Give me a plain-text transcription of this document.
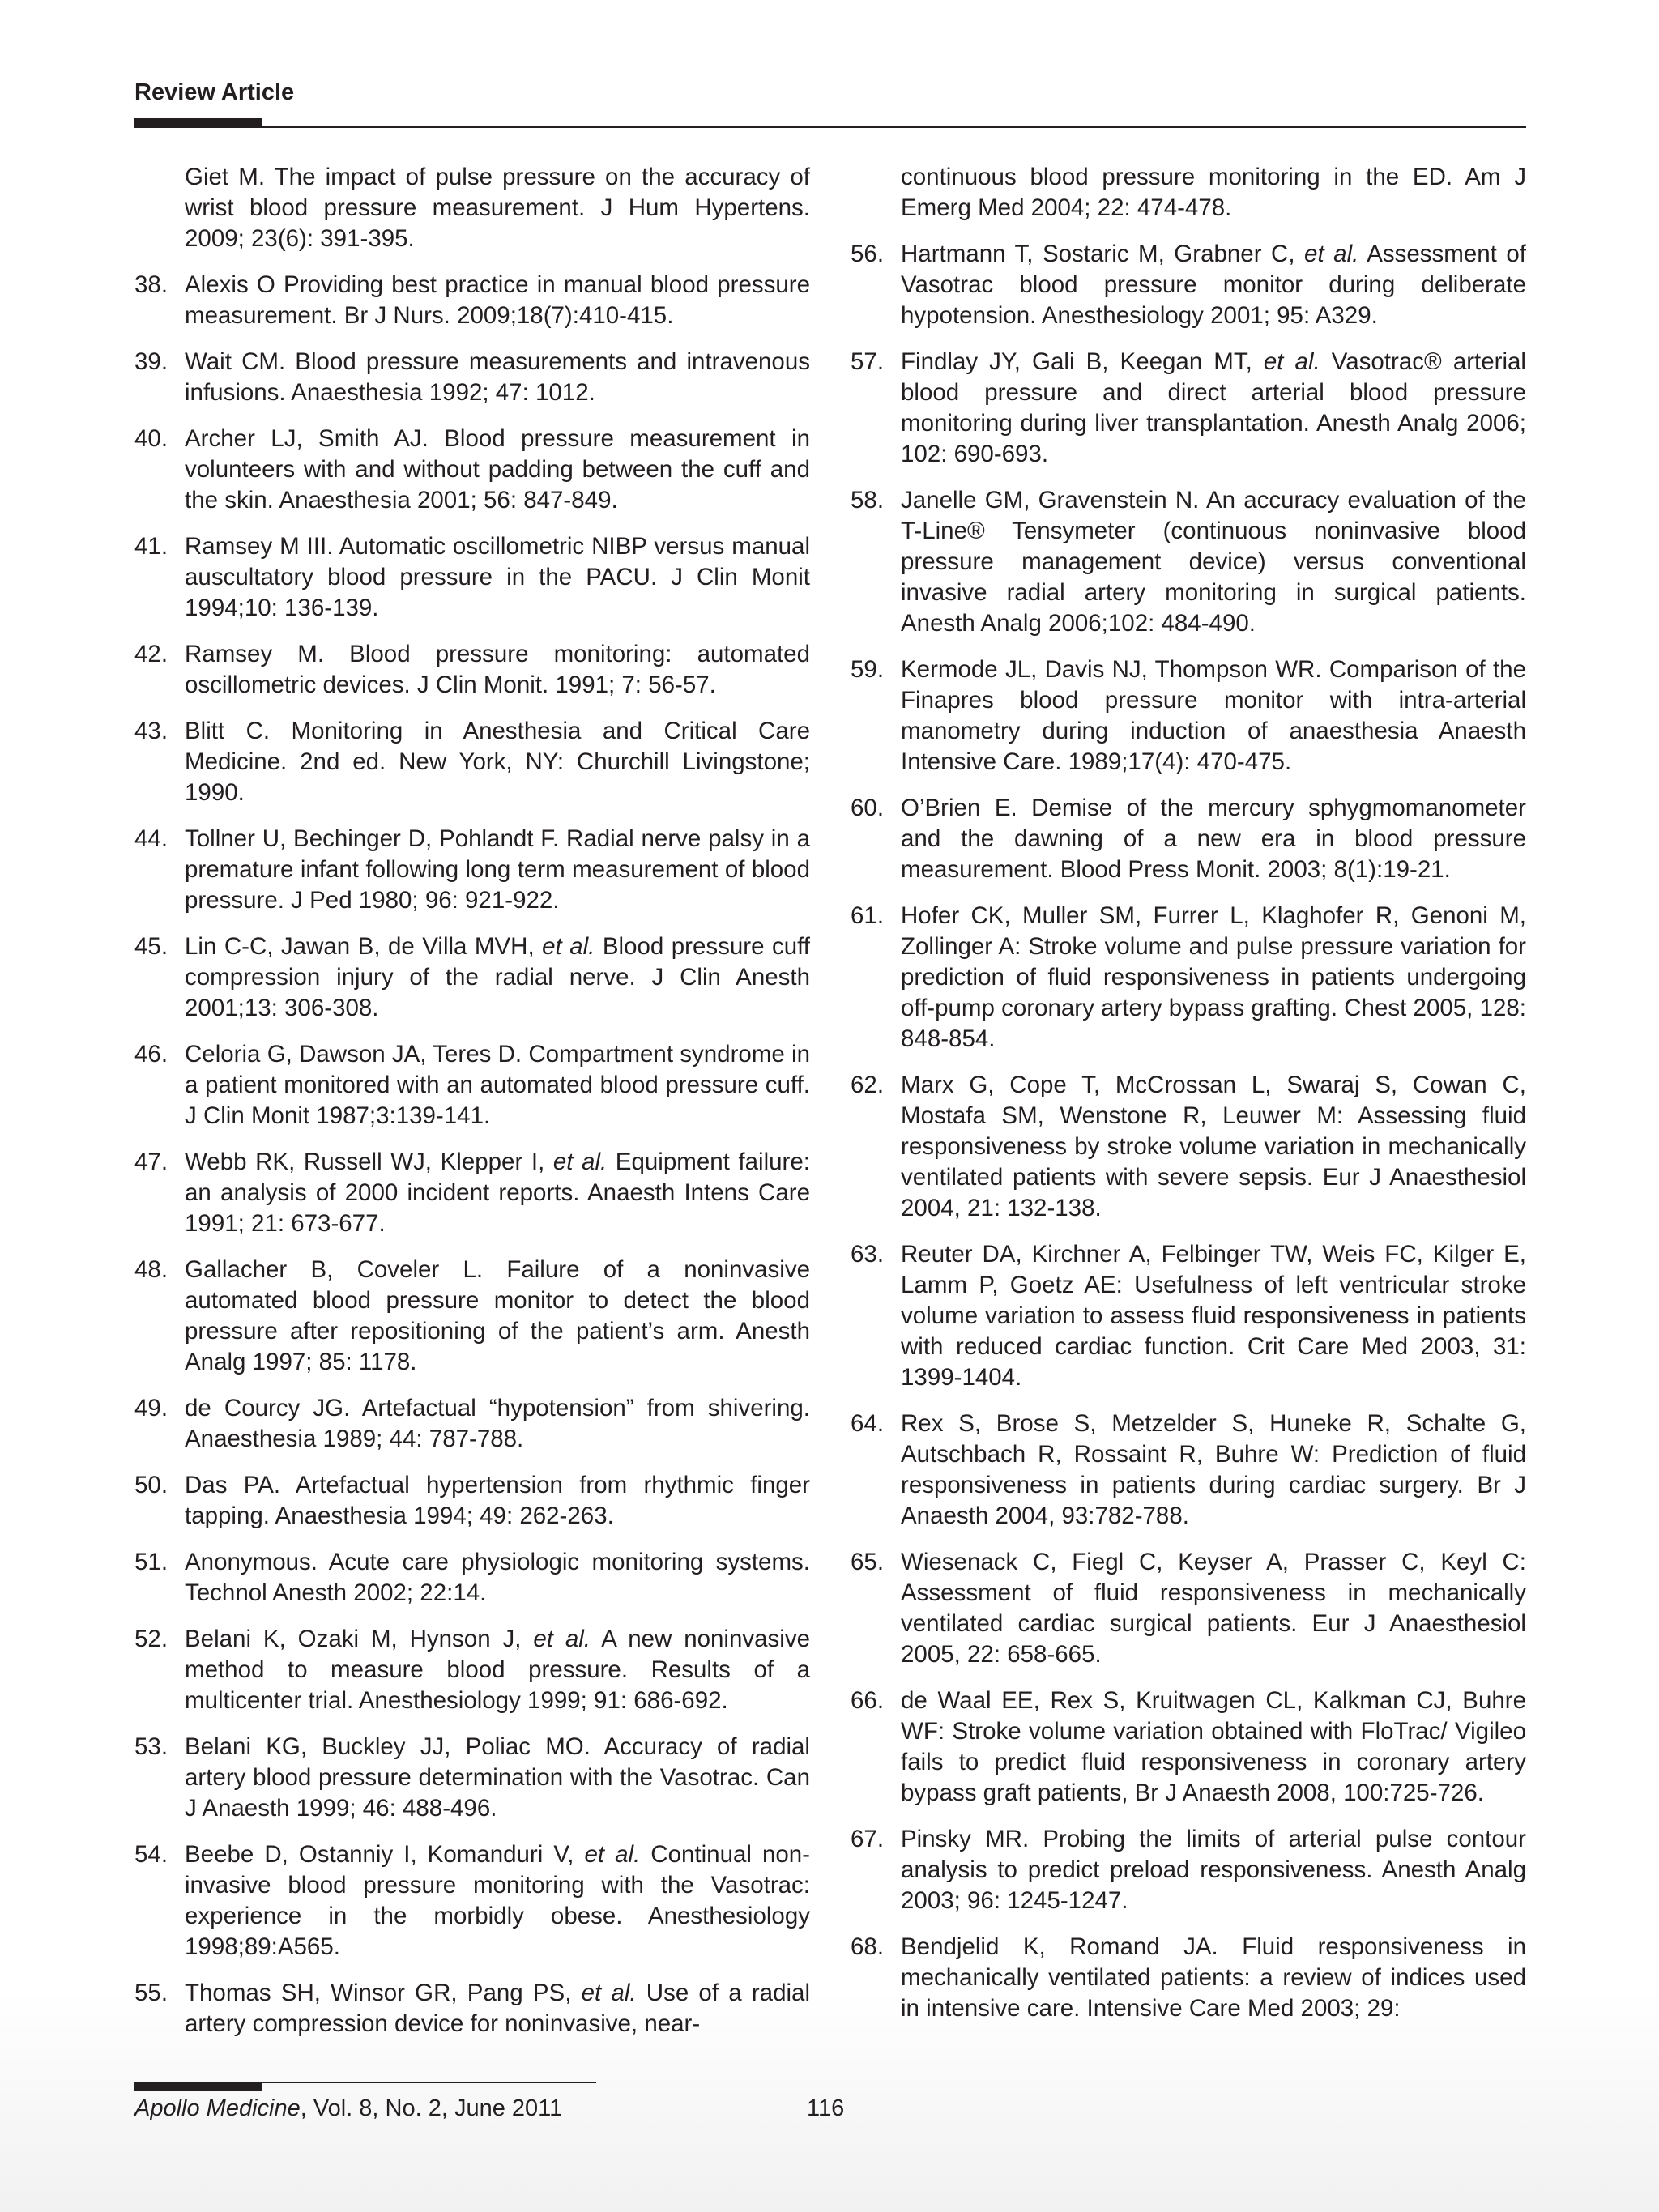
Review Article
Giet M. The impact of pulse pressure on the accuracy of wrist blood pressure measurement. J Hum Hypertens. 2009; 23(6): 391-395.
38. Alexis O Providing best practice in manual blood pressure measurement. Br J Nurs. 2009;18(7):410-415.
39. Wait CM. Blood pressure measurements and intravenous infusions. Anaesthesia 1992; 47: 1012.
40. Archer LJ, Smith AJ. Blood pressure measurement in volunteers with and without padding between the cuff and the skin. Anaesthesia 2001; 56: 847-849.
41. Ramsey M III. Automatic oscillometric NIBP versus manual auscultatory blood pressure in the PACU. J Clin Monit 1994;10: 136-139.
42. Ramsey M. Blood pressure monitoring: automated oscillometric devices. J Clin Monit. 1991; 7: 56-57.
43. Blitt C. Monitoring in Anesthesia and Critical Care Medicine. 2nd ed. New York, NY: Churchill Livingstone; 1990.
44. Tollner U, Bechinger D, Pohlandt F. Radial nerve palsy in a premature infant following long term measurement of blood pressure. J Ped 1980; 96: 921-922.
45. Lin C-C, Jawan B, de Villa MVH, et al. Blood pressure cuff compression injury of the radial nerve. J Clin Anesth 2001;13: 306-308.
46. Celoria G, Dawson JA, Teres D. Compartment syndrome in a patient monitored with an automated blood pressure cuff. J Clin Monit 1987;3:139-141.
47. Webb RK, Russell WJ, Klepper I, et al. Equipment failure: an analysis of 2000 incident reports. Anaesth Intens Care 1991; 21: 673-677.
48. Gallacher B, Coveler L. Failure of a noninvasive automated blood pressure monitor to detect the blood pressure after repositioning of the patient’s arm. Anesth Analg 1997; 85: 1178.
49. de Courcy JG. Artefactual “hypotension” from shivering. Anaesthesia 1989; 44: 787-788.
50. Das PA. Artefactual hypertension from rhythmic finger tapping. Anaesthesia 1994; 49: 262-263.
51. Anonymous. Acute care physiologic monitoring systems. Technol Anesth 2002; 22:14.
52. Belani K, Ozaki M, Hynson J, et al. A new noninvasive method to measure blood pressure. Results of a multicenter trial. Anesthesiology 1999; 91: 686-692.
53. Belani KG, Buckley JJ, Poliac MO. Accuracy of radial artery blood pressure determination with the Vasotrac. Can J Anaesth 1999; 46: 488-496.
54. Beebe D, Ostanniy I, Komanduri V, et al. Continual non-invasive blood pressure monitoring with the Vasotrac: experience in the morbidly obese. Anesthesiology 1998;89:A565.
55. Thomas SH, Winsor GR, Pang PS, et al. Use of a radial artery compression device for noninvasive, near-
continuous blood pressure monitoring in the ED. Am J Emerg Med 2004; 22: 474-478.
56. Hartmann T, Sostaric M, Grabner C, et al. Assessment of Vasotrac blood pressure monitor during deliberate hypotension. Anesthesiology 2001; 95: A329.
57. Findlay JY, Gali B, Keegan MT, et al. Vasotrac® arterial blood pressure and direct arterial blood pressure monitoring during liver transplantation. Anesth Analg 2006; 102: 690-693.
58. Janelle GM, Gravenstein N. An accuracy evaluation of the T-Line® Tensymeter (continuous noninvasive blood pressure management device) versus conventional invasive radial artery monitoring in surgical patients. Anesth Analg 2006;102: 484-490.
59. Kermode JL, Davis NJ, Thompson WR. Comparison of the Finapres blood pressure monitor with intra-arterial manometry during induction of anaesthesia Anaesth Intensive Care. 1989;17(4): 470-475.
60. O’Brien E. Demise of the mercury sphygmomanometer and the dawning of a new era in blood pressure measurement. Blood Press Monit. 2003; 8(1):19-21.
61. Hofer CK, Muller SM, Furrer L, Klaghofer R, Genoni M, Zollinger A: Stroke volume and pulse pressure variation for prediction of fluid responsiveness in patients undergoing off-pump coronary artery bypass grafting. Chest 2005, 128: 848-854.
62. Marx G, Cope T, McCrossan L, Swaraj S, Cowan C, Mostafa SM, Wenstone R, Leuwer M: Assessing fluid responsiveness by stroke volume variation in mechanically ventilated patients with severe sepsis. Eur J Anaesthesiol 2004, 21: 132-138.
63. Reuter DA, Kirchner A, Felbinger TW, Weis FC, Kilger E, Lamm P, Goetz AE: Usefulness of left ventricular stroke volume variation to assess fluid responsiveness in patients with reduced cardiac function. Crit Care Med 2003, 31: 1399-1404.
64. Rex S, Brose S, Metzelder S, Huneke R, Schalte G, Autschbach R, Rossaint R, Buhre W: Prediction of fluid responsiveness in patients during cardiac surgery. Br J Anaesth 2004, 93:782-788.
65. Wiesenack C, Fiegl C, Keyser A, Prasser C, Keyl C: Assessment of fluid responsiveness in mechanically ventilated cardiac surgical patients. Eur J Anaesthesiol 2005, 22: 658-665.
66. de Waal EE, Rex S, Kruitwagen CL, Kalkman CJ, Buhre WF: Stroke volume variation obtained with FloTrac/ Vigileo fails to predict fluid responsiveness in coronary artery bypass graft patients, Br J Anaesth 2008, 100:725-726.
67. Pinsky MR. Probing the limits of arterial pulse contour analysis to predict preload responsiveness. Anesth Analg 2003; 96: 1245-1247.
68. Bendjelid K, Romand JA. Fluid responsiveness in mechanically ventilated patients: a review of indices used in intensive care. Intensive Care Med 2003; 29:
Apollo Medicine, Vol. 8, No. 2, June 2011	116
